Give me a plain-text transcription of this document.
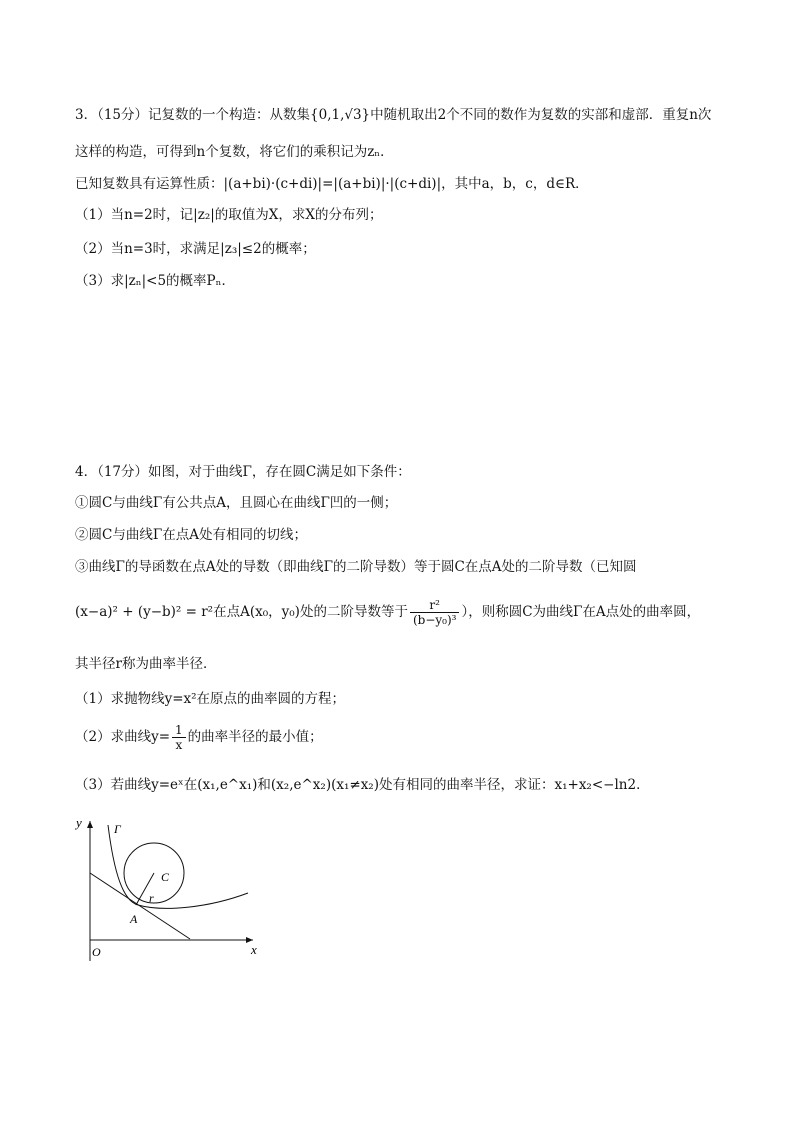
3．（15分）记复数的一个构造：从数集{0,1,√3}中随机取出2个不同的数作为复数的实部和虚部．重复n次
这样的构造，可得到n个复数，将它们的乘积记为zₙ．
已知复数具有运算性质：|(a+bi)·(c+di)|=|(a+bi)|·|(c+di)|，其中a，b，c，d∈R．
（1）当n=2时，记|z₂|的取值为X，求X的分布列；
（2）当n=3时，求满足|z₃|≤2的概率；
（3）求|zₙ|<5的概率Pₙ．
4．（17分）如图，对于曲线Γ，存在圆C满足如下条件：
①圆C与曲线Γ有公共点A，且圆心在曲线Γ凹的一侧；
②圆C与曲线Γ在点A处有相同的切线；
③曲线Γ的导函数在点A处的导数（即曲线Γ的二阶导数）等于圆C在点A处的二阶导数（已知圆
(x−a)² + (y−b)² = r²在点A(x₀，y₀)处的二阶导数等于 $\frac{\text{r²}}{\text{(b−y₀)³}}$ ），则称圆C为曲线Γ在A点处的曲率圆，
其半径r称为曲率半径．
（1）求抛物线y=x²在原点的曲率圆的方程；
（2）求曲线$y= \frac{1}{x}$ 的曲率半径的最小值；
（3）若曲线y=eˣ在(x₁,e^x₁)和(x₂,e^x₂)(x₁≠x₂)处有相同的曲率半径，求证：x₁+x₂<−ln2．
y
x
O
Γ
C
r
A
